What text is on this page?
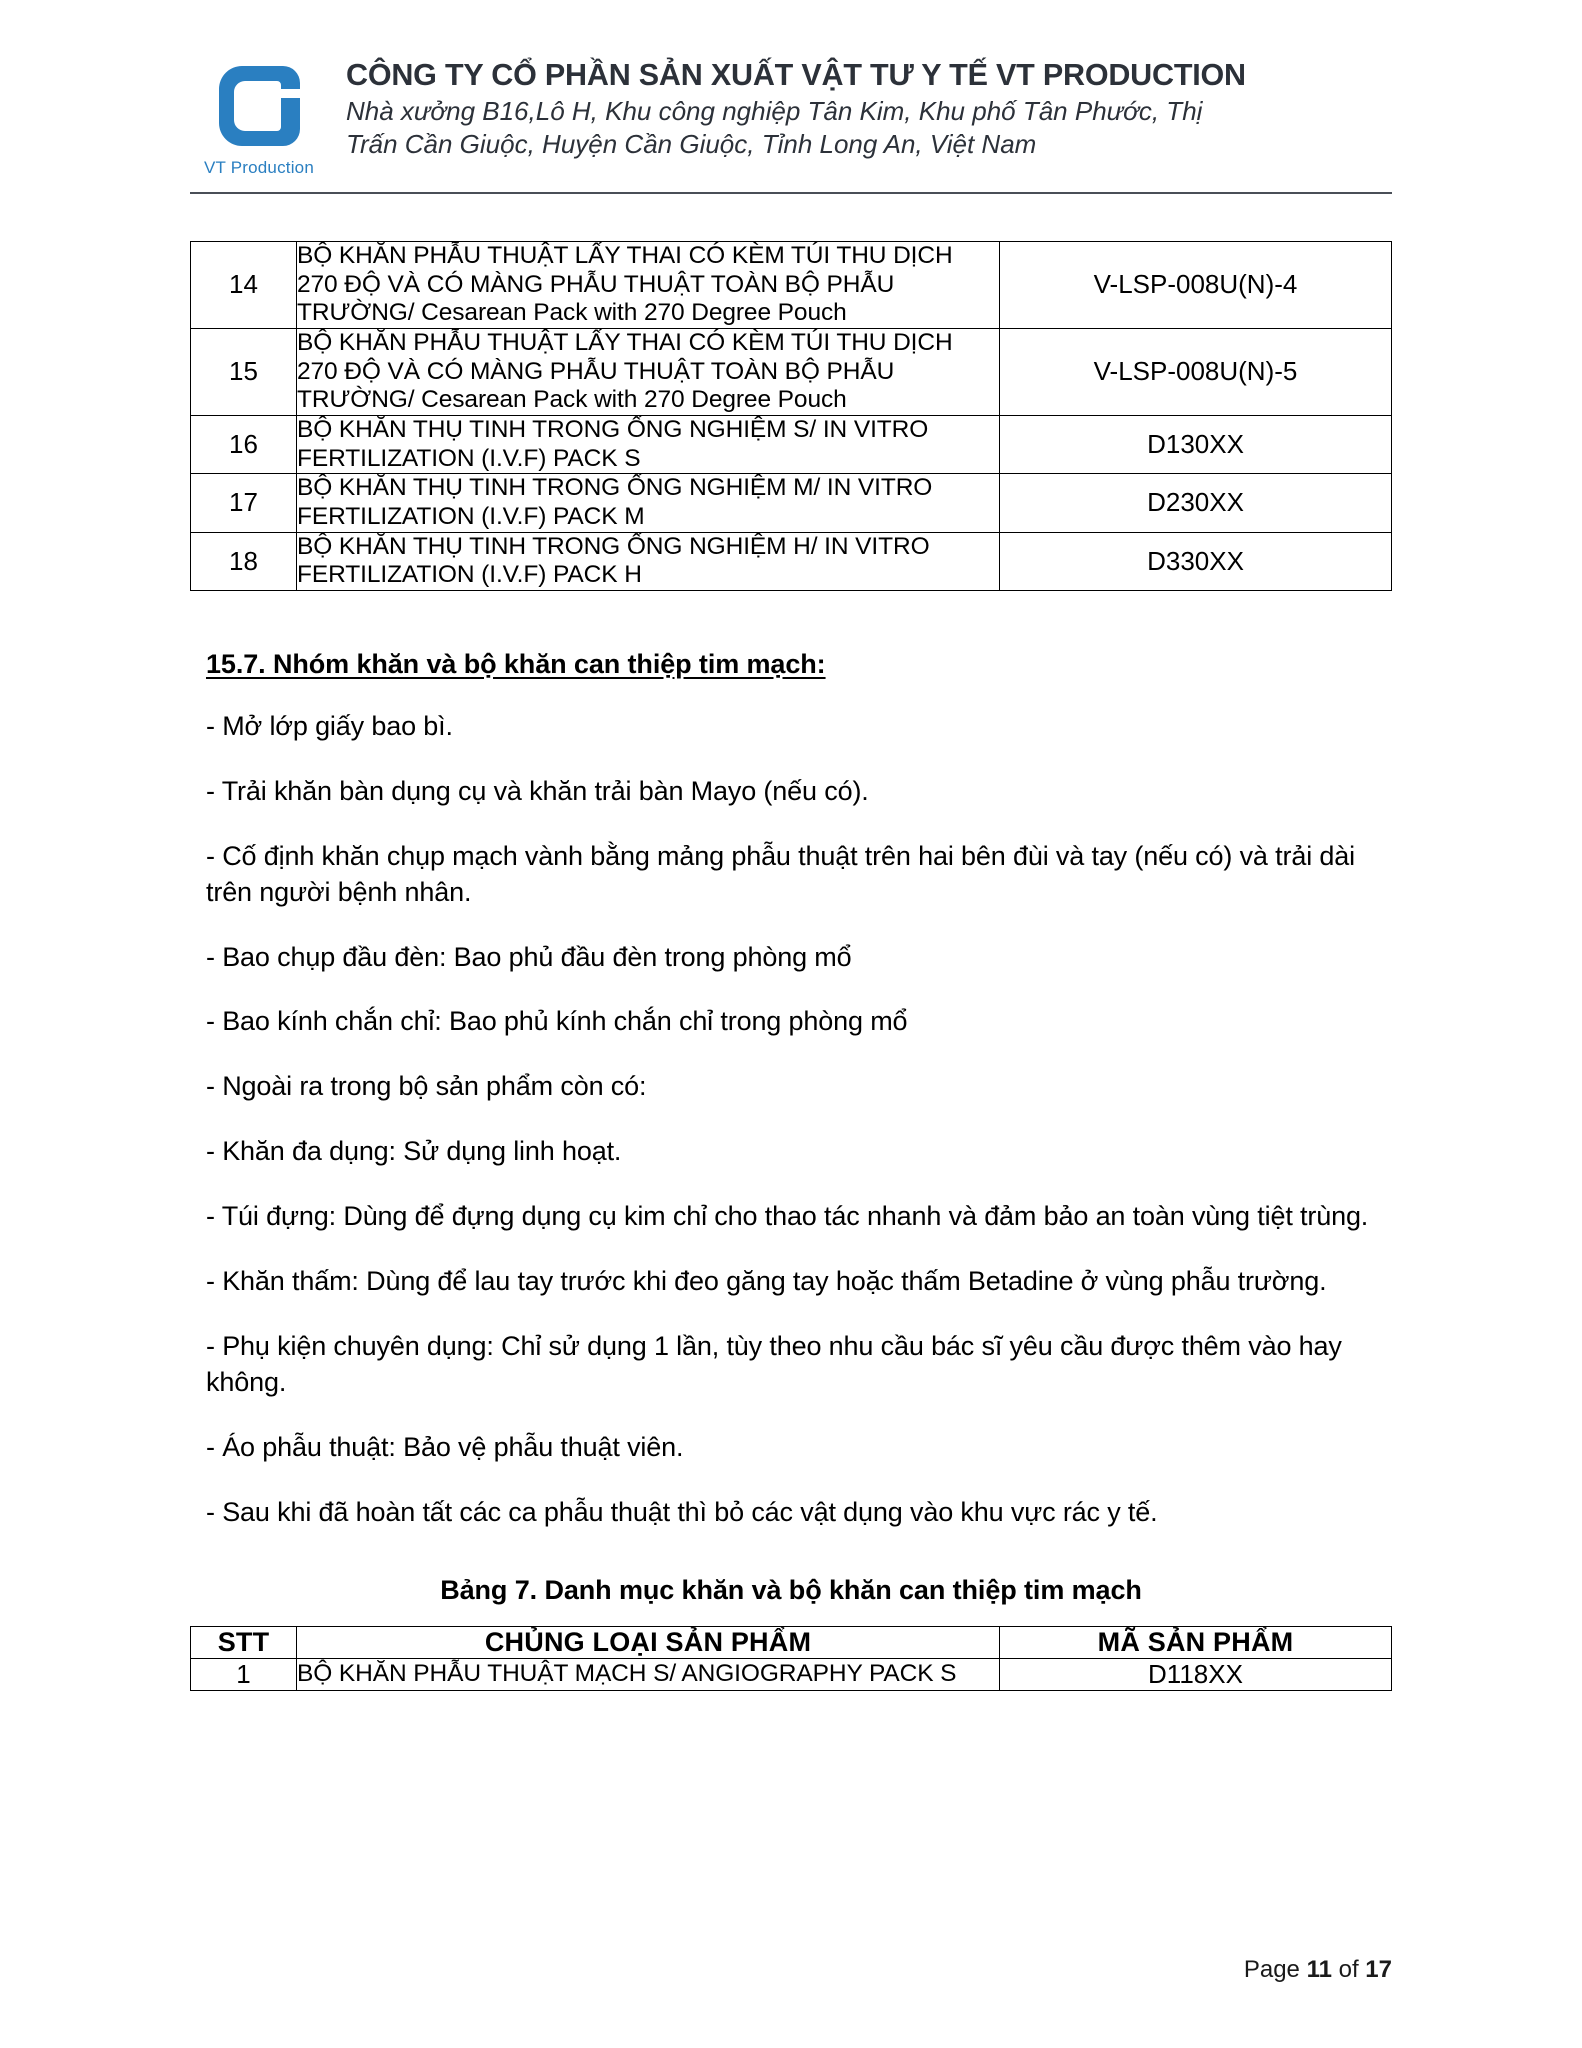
VT Production
CÔNG TY CỔ PHẦN SẢN XUẤT VẬT TƯ Y TẾ VT PRODUCTION
Nhà xưởng B16,Lô H, Khu công nghiệp Tân Kim, Khu phố Tân Phước, Thị
Trấn Cần Giuộc, Huyện Cần Giuộc, Tỉnh Long An, Việt Nam
14	BỘ KHĂN PHẪU THUẬT LẤY THAI CÓ KÈM TÚI THU DỊCH 270 ĐỘ VÀ CÓ MÀNG PHẪU THUẬT TOÀN BỘ PHẪU TRƯỜNG/ Cesarean Pack with 270 Degree Pouch	V-LSP-008U(N)-4
15	BỘ KHĂN PHẪU THUẬT LẤY THAI CÓ KÈM TÚI THU DỊCH 270 ĐỘ VÀ CÓ MÀNG PHẪU THUẬT TOÀN BỘ PHẪU TRƯỜNG/ Cesarean Pack with 270 Degree Pouch	V-LSP-008U(N)-5
16	BỘ KHĂN THỤ TINH TRONG ỐNG NGHIỆM S/ IN VITRO FERTILIZATION (I.V.F) PACK S	D130XX
17	BỘ KHĂN THỤ TINH TRONG ỐNG NGHIỆM M/ IN VITRO FERTILIZATION (I.V.F) PACK M	D230XX
18	BỘ KHĂN THỤ TINH TRONG ỐNG NGHIỆM H/ IN VITRO FERTILIZATION (I.V.F) PACK H	D330XX
15.7. Nhóm khăn và bộ khăn can thiệp tim mạch:

- Mở lớp giấy bao bì.

- Trải khăn bàn dụng cụ và khăn trải bàn Mayo (nếu có).

- Cố định khăn chụp mạch vành bằng mảng phẫu thuật trên hai bên đùi và tay (nếu có) và trải dài trên người bệnh nhân.

- Bao chụp đầu đèn: Bao phủ đầu đèn trong phòng mổ

- Bao kính chắn chỉ: Bao phủ kính chắn chỉ trong phòng mổ

- Ngoài ra trong bộ sản phẩm còn có:

- Khăn đa dụng: Sử dụng linh hoạt.

- Túi đựng: Dùng để đựng dụng cụ kim chỉ cho thao tác nhanh và đảm bảo an toàn vùng tiệt trùng.

- Khăn thấm: Dùng để lau tay trước khi đeo găng tay hoặc thấm Betadine ở vùng phẫu trường.

- Phụ kiện chuyên dụng: Chỉ sử dụng 1 lần, tùy theo nhu cầu bác sĩ yêu cầu được thêm vào hay không.

- Áo phẫu thuật: Bảo vệ phẫu thuật viên.

- Sau khi đã hoàn tất các ca phẫu thuật thì bỏ các vật dụng vào khu vực rác y tế.

Bảng 7. Danh mục khăn và bộ khăn can thiệp tim mạch
STT	CHỦNG LOẠI SẢN PHẨM	MÃ SẢN PHẨM
1	BỘ KHĂN PHẪU THUẬT MẠCH S/ ANGIOGRAPHY PACK S	D118XX
Page 11 of 17
